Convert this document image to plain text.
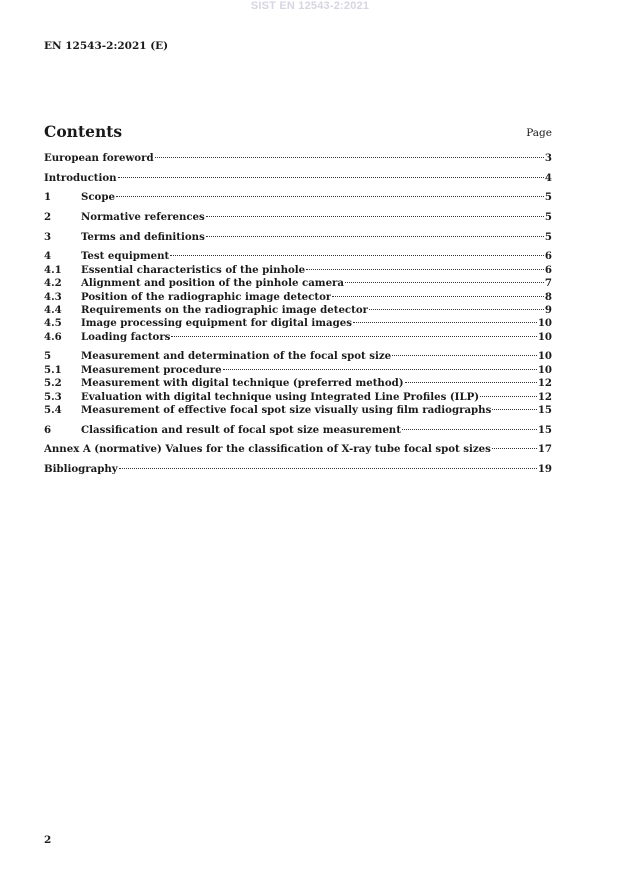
SIST EN 12543-2:2021
EN 12543-2:2021 (E)
Contents	Page
European foreword	3
Introduction	4
1	Scope	5
2	Normative references	5
3	Terms and definitions	5
4	Test equipment	6
4.1	Essential characteristics of the pinhole	6
4.2	Alignment and position of the pinhole camera	7
4.3	Position of the radiographic image detector	8
4.4	Requirements on the radiographic image detector	9
4.5	Image processing equipment for digital images	10
4.6	Loading factors	10
5	Measurement and determination of the focal spot size	10
5.1	Measurement procedure	10
5.2	Measurement with digital technique (preferred method)	12
5.3	Evaluation with digital technique using Integrated Line Profiles (ILP)	12
5.4	Measurement of effective focal spot size visually using film radiographs	15
6	Classification and result of focal spot size measurement	15
Annex A (normative) Values for the classification of X-ray tube focal spot sizes	17
Bibliography	19
2
